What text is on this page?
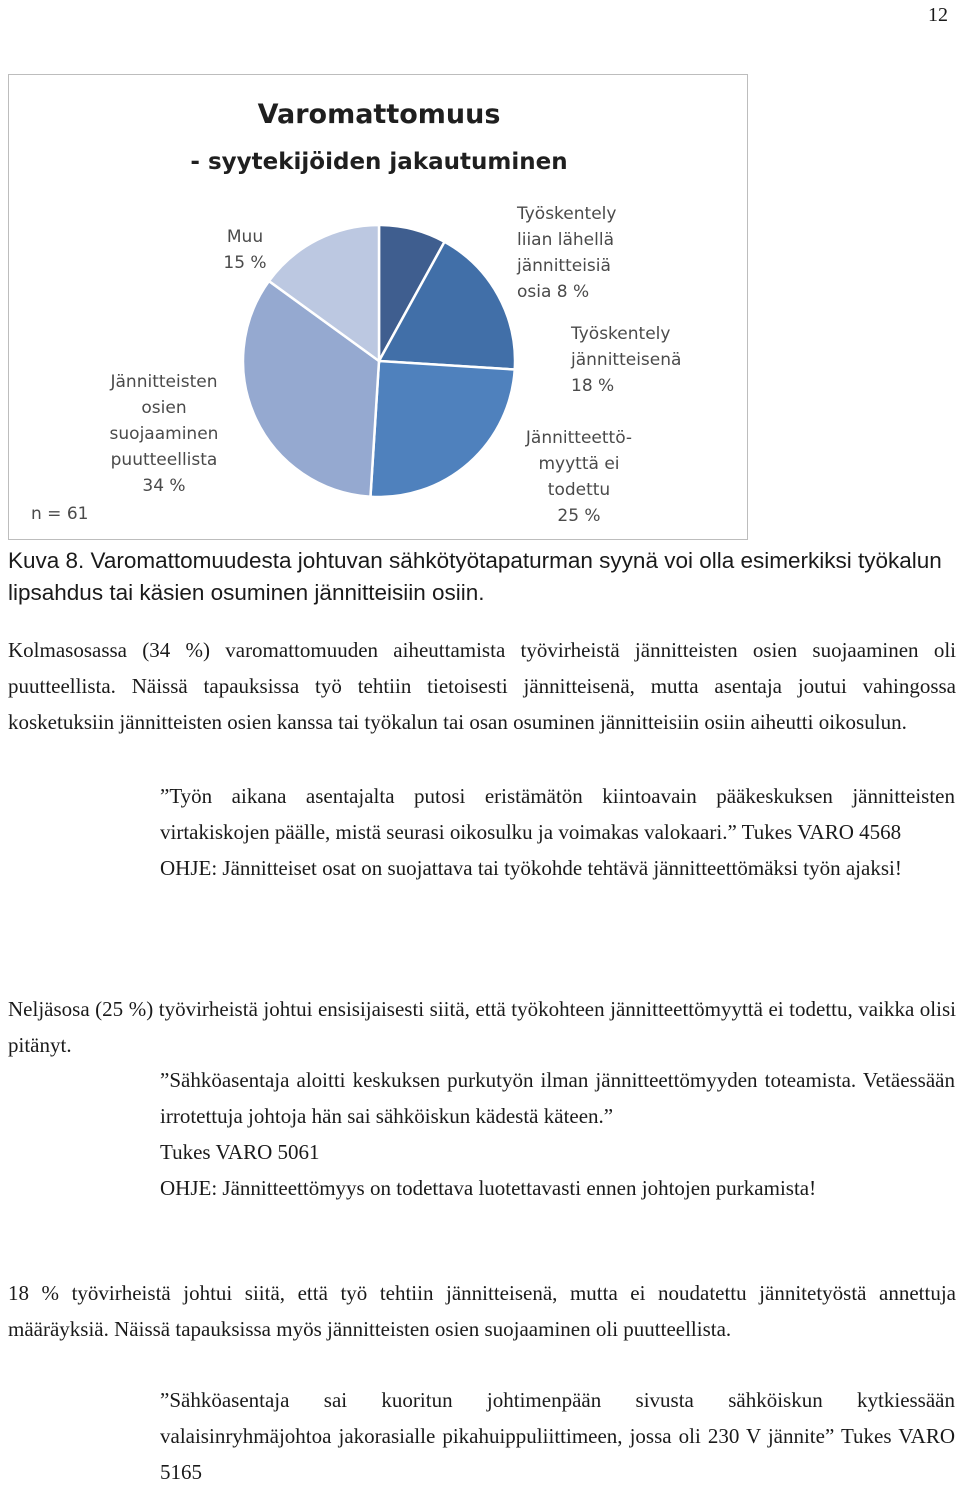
12
Varomattomuus
- syytekijöiden jakautuminen
Työskentely liian lähellä jännitteisiä osia 8 %
Työskentely jännitteisenä 18 %
Jännitteettö-myyttä ei todettu 25 %
Jännitteisten osien suojaaminen puutteellista 34 %
Muu 15 %
n = 61
Kuva 8. Varomattomuudesta johtuvan sähkötyötapaturman syynä voi olla esimerkiksi työkalun lipsahdus tai käsien osuminen jännitteisiin osiin.

Kolmasosassa (34 %) varomattomuuden aiheuttamista työvirheistä jännitteisten osien suojaaminen oli puutteellista. Näissä tapauksissa työ tehtiin tietoisesti jännitteisenä, mutta asentaja joutui vahingossa kosketuksiin jännitteisten osien kanssa tai työkalun tai osan osuminen jännitteisiin osiin aiheutti oikosulun.

”Työn aikana asentajalta putosi eristämätön kiintoavain pääkeskuksen jännitteisten virtakiskojen päälle, mistä seurasi oikosulku ja voimakas valokaari.” Tukes VARO 4568
OHJE: Jännitteiset osat on suojattava tai työkohde tehtävä jännitteettömäksi työn ajaksi!

Neljäsosa (25 %) työvirheistä johtui ensisijaisesti siitä, että työkohteen jännitteettömyyttä ei todettu, vaikka olisi pitänyt.

”Sähköasentaja aloitti keskuksen purkutyön ilman jännitteettömyyden toteamista. Vetäessään irrotettuja johtoja hän sai sähköiskun kädestä käteen.”
Tukes VARO 5061
OHJE: Jännitteettömyys on todettava luotettavasti ennen johtojen purkamista!

18 % työvirheistä johtui siitä, että työ tehtiin jännitteisenä, mutta ei noudatettu jännitetyöstä annettuja määräyksiä. Näissä tapauksissa myös jännitteisten osien suojaaminen oli puutteellista.

”Sähköasentaja sai kuoritun johtimenpään sivusta sähköiskun kytkiessään valaisinryhmäjohtoa jakorasialle pikahuippuliittimeen, jossa oli 230 V jännite” Tukes VARO 5165
